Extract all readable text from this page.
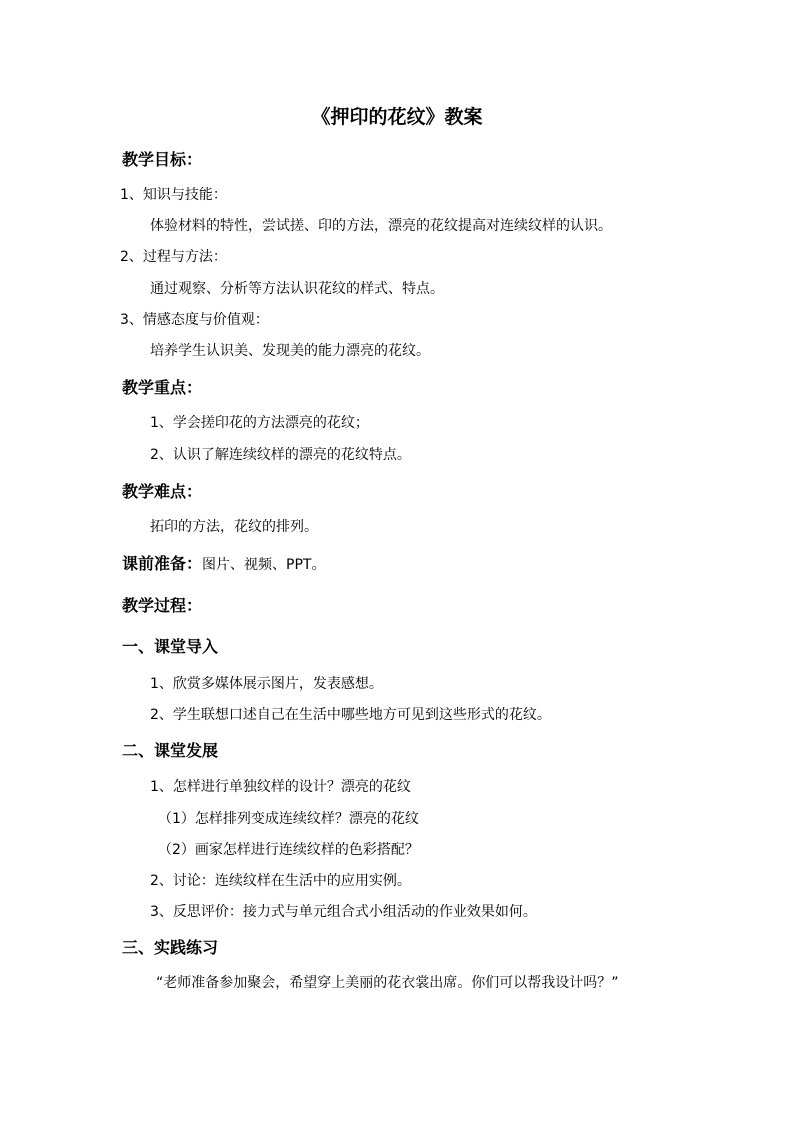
《押印的花纹》教案
教学目标：
1、知识与技能：
体验材料的特性，尝试搓、印的方法，漂亮的花纹提高对连续纹样的认识。
2、过程与方法：
通过观察、分析等方法认识花纹的样式、特点。
3、情感态度与价值观：
培养学生认识美、发现美的能力漂亮的花纹。
教学重点：
1、学会搓印花的方法漂亮的花纹；
2、认识了解连续纹样的漂亮的花纹特点。
教学难点：
拓印的方法，花纹的排列。
课前准备：图片、视频、PPT。
教学过程：
一、课堂导入
1、欣赏多媒体展示图片，发表感想。
2、学生联想口述自己在生活中哪些地方可见到这些形式的花纹。
二、课堂发展
1、怎样进行单独纹样的设计？漂亮的花纹
（1）怎样排列变成连续纹样？漂亮的花纹
（2）画家怎样进行连续纹样的色彩搭配？
2、讨论：连续纹样在生活中的应用实例。
3、反思评价：接力式与单元组合式小组活动的作业效果如何。
三、实践练习
“老师准备参加聚会，希望穿上美丽的花衣裳出席。你们可以帮我设计吗？”
